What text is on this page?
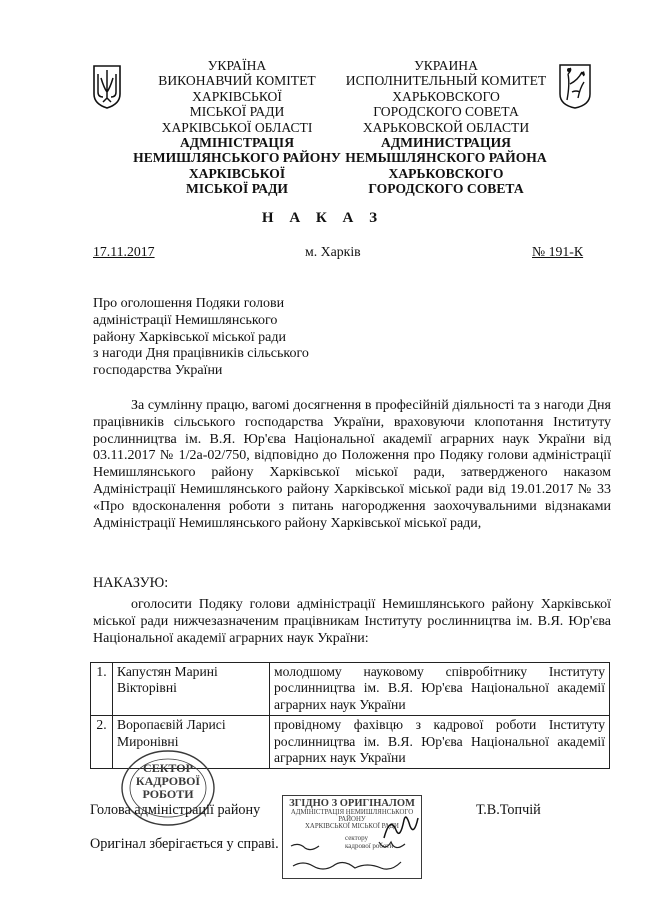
УКРАЇНА
ВИКОНАВЧИЙ КОМІТЕТ
ХАРКІВСЬКОЇ
МІСЬКОЇ РАДИ
ХАРКІВСЬКОЇ ОБЛАСТІ
АДМІНІСТРАЦІЯ
НЕМИШЛЯНСЬКОГО РАЙОНУ
ХАРКІВСЬКОЇ
МІСЬКОЇ РАДИ
УКРАИНА
ИСПОЛНИТЕЛЬНЫЙ КОМИТЕТ
ХАРЬКОВСКОГО
ГОРОДСКОГО СОВЕТА
ХАРЬКОВСКОЙ ОБЛАСТИ
АДМИНИСТРАЦИЯ
НЕМЫШЛЯНСКОГО РАЙОНА
ХАРЬКОВСКОГО
ГОРОДСКОГО СОВЕТА
Н А К А З
17.11.2017	м. Харків	№ 191-К
Про оголошення Подяки голови
адміністрації Немишлянського
району Харківської міської ради
з нагоди Дня працівників сільського
господарства України
За сумлінну працю, вагомі досягнення в професійній діяльності та з нагоди Дня працівників сільського господарства України, враховуючи клопотання Інституту рослинництва ім. В.Я. Юр'єва Національної академії аграрних наук України від 03.11.2017 № 1/2а-02/750, відповідно до Положення про Подяку голови адміністрації Немишлянського району Харківської міської ради, затвердженого наказом Адміністрації Немишлянського району Харківської міської ради від 19.01.2017 № 33 «Про вдосконалення роботи з питань нагородження заохочувальними відзнаками Адміністрації Немишлянського району Харківської міської ради,
НАКАЗУЮ:
оголосити Подяку голови адміністрації Немишлянського району Харківської міської ради нижчезазначеним працівникам Інституту рослинництва ім. В.Я. Юр'єва Національної академії аграрних наук України:
1.	Капустян Марині Вікторівні	молодшому науковому співробітнику Інституту рослинництва ім. В.Я. Юр'єва Національної академії аграрних наук України
2.	Воропаєвій Ларисі Миронівні	провідному фахівцю з кадрової роботи Інституту рослинництва ім. В.Я. Юр'єва Національної академії аграрних наук України
СЕКТОР
КАДРОВОЇ
РОБОТИ
ЗГІДНО З ОРИГІНАЛОМ
АДМІНІСТРАЦІЯ НЕМИШЛЯНСЬКОГО РАЙОНУ
ХАРКІВСЬКОЇ МІСЬКОЇ РАДИ
сектору
кадрової роботи
Голова адміністрації району	Т.В.Топчій
Оригінал зберігається у справі.
